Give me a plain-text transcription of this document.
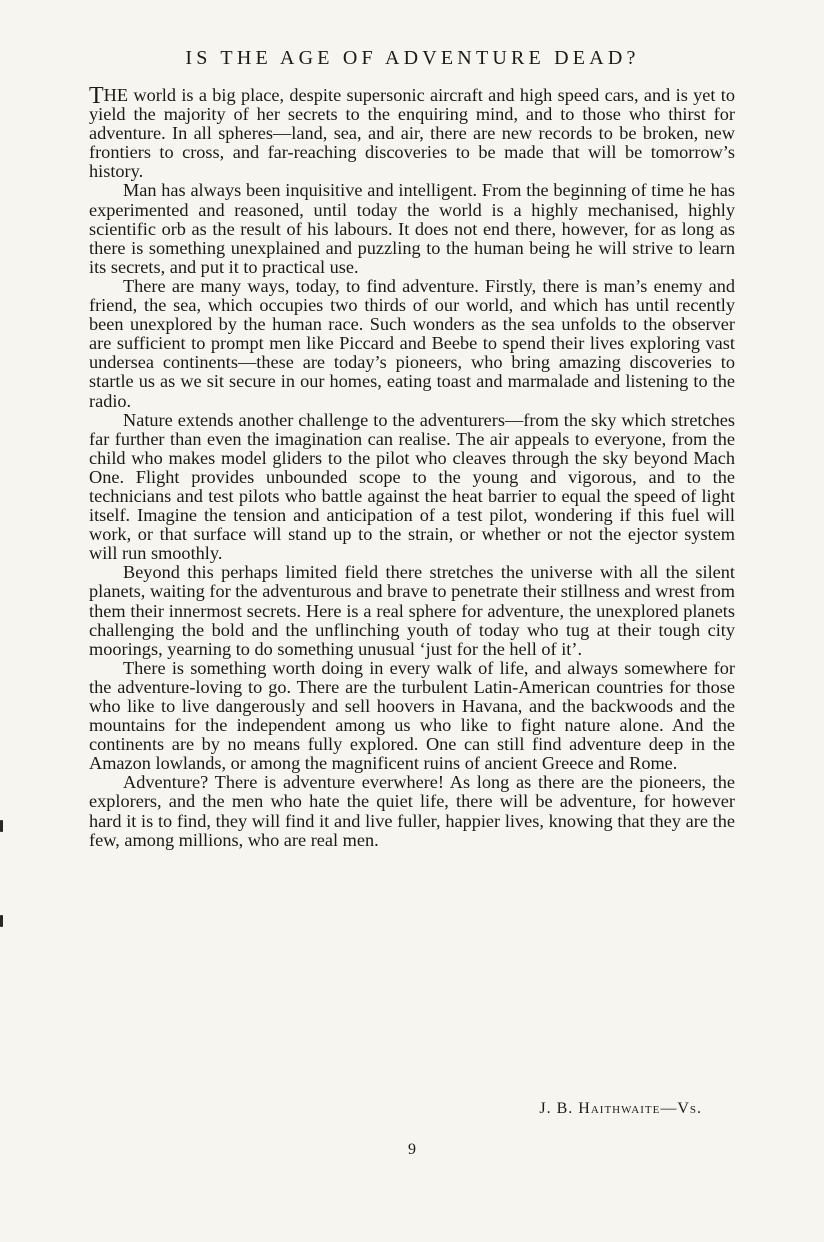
IS THE AGE OF ADVENTURE DEAD?

THE world is a big place, despite supersonic aircraft and high speed cars, and is yet to yield the majority of her secrets to the enquiring mind, and to those who thirst for adventure. In all spheres—land, sea, and air, there are new records to be broken, new frontiers to cross, and far-reaching discoveries to be made that will be tomorrow’s history.

Man has always been inquisitive and intelligent. From the beginning of time he has experimented and reasoned, until today the world is a highly mechanised, highly scientific orb as the result of his labours. It does not end there, however, for as long as there is something unexplained and puzzling to the human being he will strive to learn its secrets, and put it to practical use.

There are many ways, today, to find adventure. Firstly, there is man’s enemy and friend, the sea, which occupies two thirds of our world, and which has until recently been unexplored by the human race. Such wonders as the sea unfolds to the observer are sufficient to prompt men like Piccard and Beebe to spend their lives exploring vast undersea continents—these are today’s pioneers, who bring amazing discoveries to startle us as we sit secure in our homes, eating toast and marmalade and listening to the radio.

Nature extends another challenge to the adventurers—from the sky which stretches far further than even the imagination can realise. The air appeals to everyone, from the child who makes model gliders to the pilot who cleaves through the sky beyond Mach One. Flight provides unbounded scope to the young and vigorous, and to the technicians and test pilots who battle against the heat barrier to equal the speed of light itself. Imagine the tension and anticipation of a test pilot, wondering if this fuel will work, or that surface will stand up to the strain, or whether or not the ejector system will run smoothly.

Beyond this perhaps limited field there stretches the universe with all the silent planets, waiting for the adventurous and brave to penetrate their stillness and wrest from them their innermost secrets. Here is a real sphere for adventure, the unexplored planets challenging the bold and the unflinching youth of today who tug at their tough city moorings, yearning to do something unusual ‘just for the hell of it’.

There is something worth doing in every walk of life, and always somewhere for the adventure-loving to go. There are the turbulent Latin-American countries for those who like to live dangerously and sell hoovers in Havana, and the backwoods and the mountains for the independent among us who like to fight nature alone. And the continents are by no means fully explored. One can still find adventure deep in the Amazon lowlands, or among the magnificent ruins of ancient Greece and Rome.

Adventure? There is adventure everwhere! As long as there are the pioneers, the explorers, and the men who hate the quiet life, there will be adventure, for however hard it is to find, they will find it and live fuller, happier lives, knowing that they are the few, among millions, who are real men.

J. B. Haithwaite—Vs.
9
